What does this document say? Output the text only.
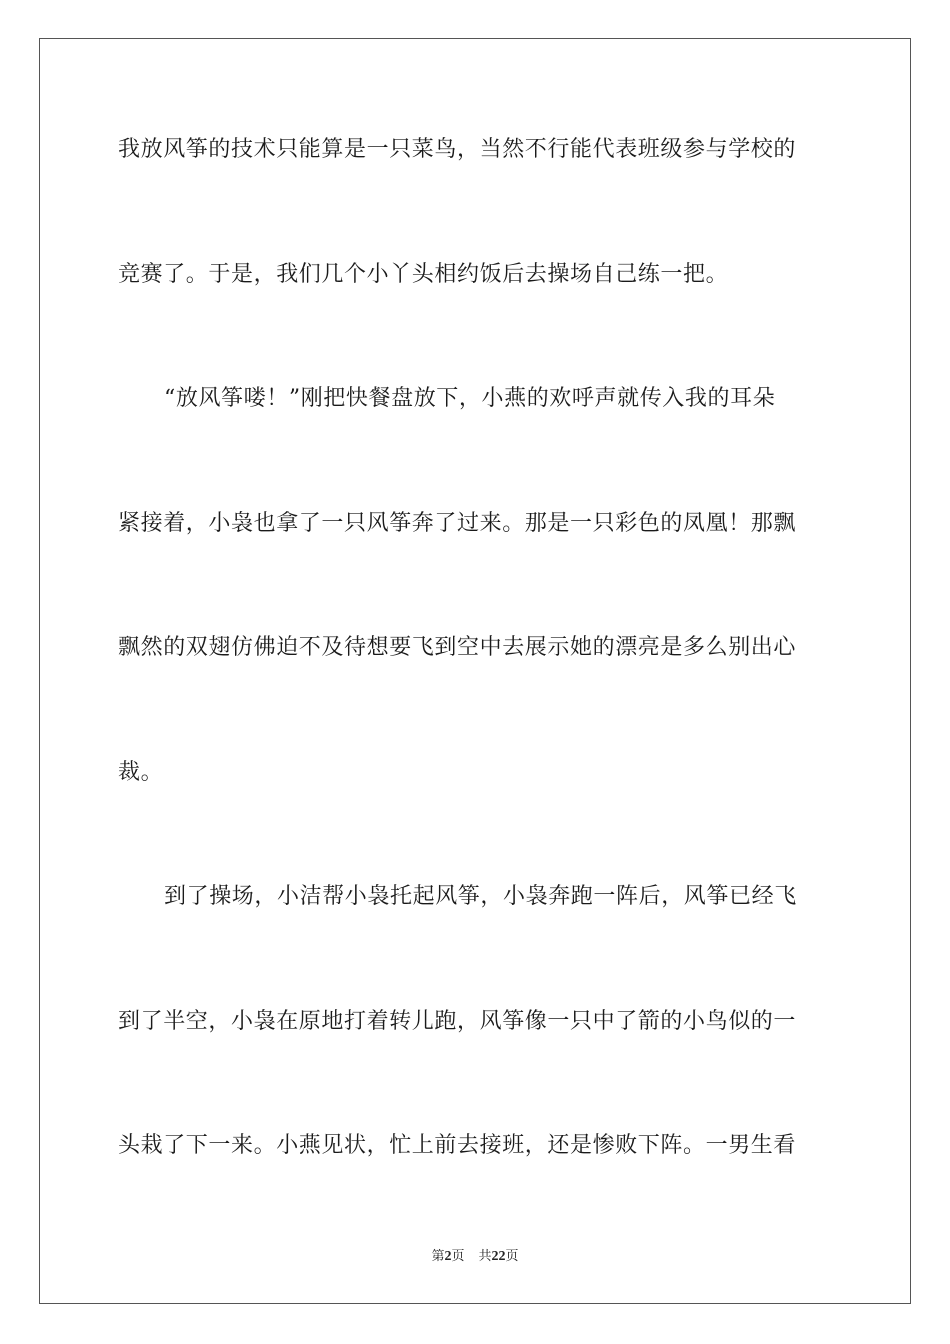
我放风筝的技术只能算是一只菜鸟，当然不行能代表班级参与学校的
竞赛了。于是，我们几个小丫头相约饭后去操场自己练一把。
“放风筝喽！”刚把快餐盘放下，小燕的欢呼声就传入我的耳朵
紧接着，小袅也拿了一只风筝奔了过来。那是一只彩色的凤凰！那飘
飘然的双翅仿佛迫不及待想要飞到空中去展示她的漂亮是多么别出心
裁。
到了操场，小洁帮小袅托起风筝，小袅奔跑一阵后，风筝已经飞
到了半空，小袅在原地打着转儿跑，风筝像一只中了箭的小鸟似的一
头栽了下一来。小燕见状，忙上前去接班，还是惨败下阵。一男生看
第2页 共22页
